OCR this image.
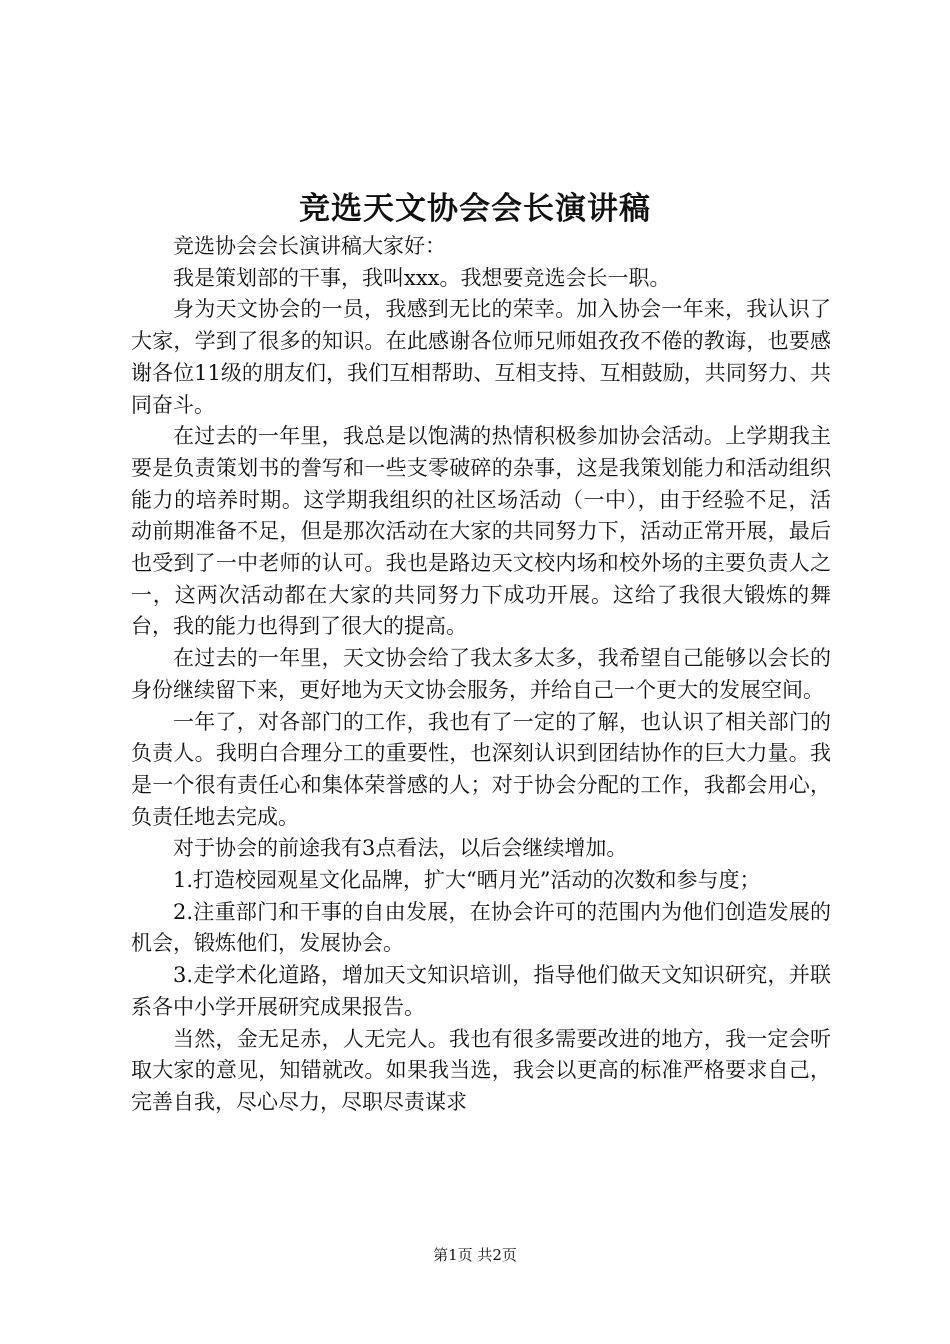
竞选天文协会会长演讲稿

竞选协会会长演讲稿大家好：

我是策划部的干事，我叫xxx。我想要竞选会长一职。

身为天文协会的一员，我感到无比的荣幸。加入协会一年来，我认识了大家，学到了很多的知识。在此感谢各位师兄师姐孜孜不倦的教诲，也要感谢各位11级的朋友们，我们互相帮助、互相支持、互相鼓励，共同努力、共同奋斗。

在过去的一年里，我总是以饱满的热情积极参加协会活动。上学期我主要是负责策划书的誊写和一些支零破碎的杂事，这是我策划能力和活动组织能力的培养时期。这学期我组织的社区场活动（一中），由于经验不足，活动前期准备不足，但是那次活动在大家的共同努力下，活动正常开展，最后也受到了一中老师的认可。我也是路边天文校内场和校外场的主要负责人之一，这两次活动都在大家的共同努力下成功开展。这给了我很大锻炼的舞台，我的能力也得到了很大的提高。

在过去的一年里，天文协会给了我太多太多，我希望自己能够以会长的身份继续留下来，更好地为天文协会服务，并给自己一个更大的发展空间。

一年了，对各部门的工作，我也有了一定的了解，也认识了相关部门的负责人。我明白合理分工的重要性，也深刻认识到团结协作的巨大力量。我是一个很有责任心和集体荣誉感的人；对于协会分配的工作，我都会用心，负责任地去完成。

对于协会的前途我有3点看法，以后会继续增加。

1.打造校园观星文化品牌，扩大“晒月光”活动的次数和参与度；

2.注重部门和干事的自由发展，在协会许可的范围内为他们创造发展的机会，锻炼他们，发展协会。

3.走学术化道路，增加天文知识培训，指导他们做天文知识研究，并联系各中小学开展研究成果报告。

当然，金无足赤，人无完人。我也有很多需要改进的地方，我一定会听取大家的意见，知错就改。如果我当选，我会以更高的标准严格要求自己，完善自我，尽心尽力，尽职尽责谋求

第1页 共2页
